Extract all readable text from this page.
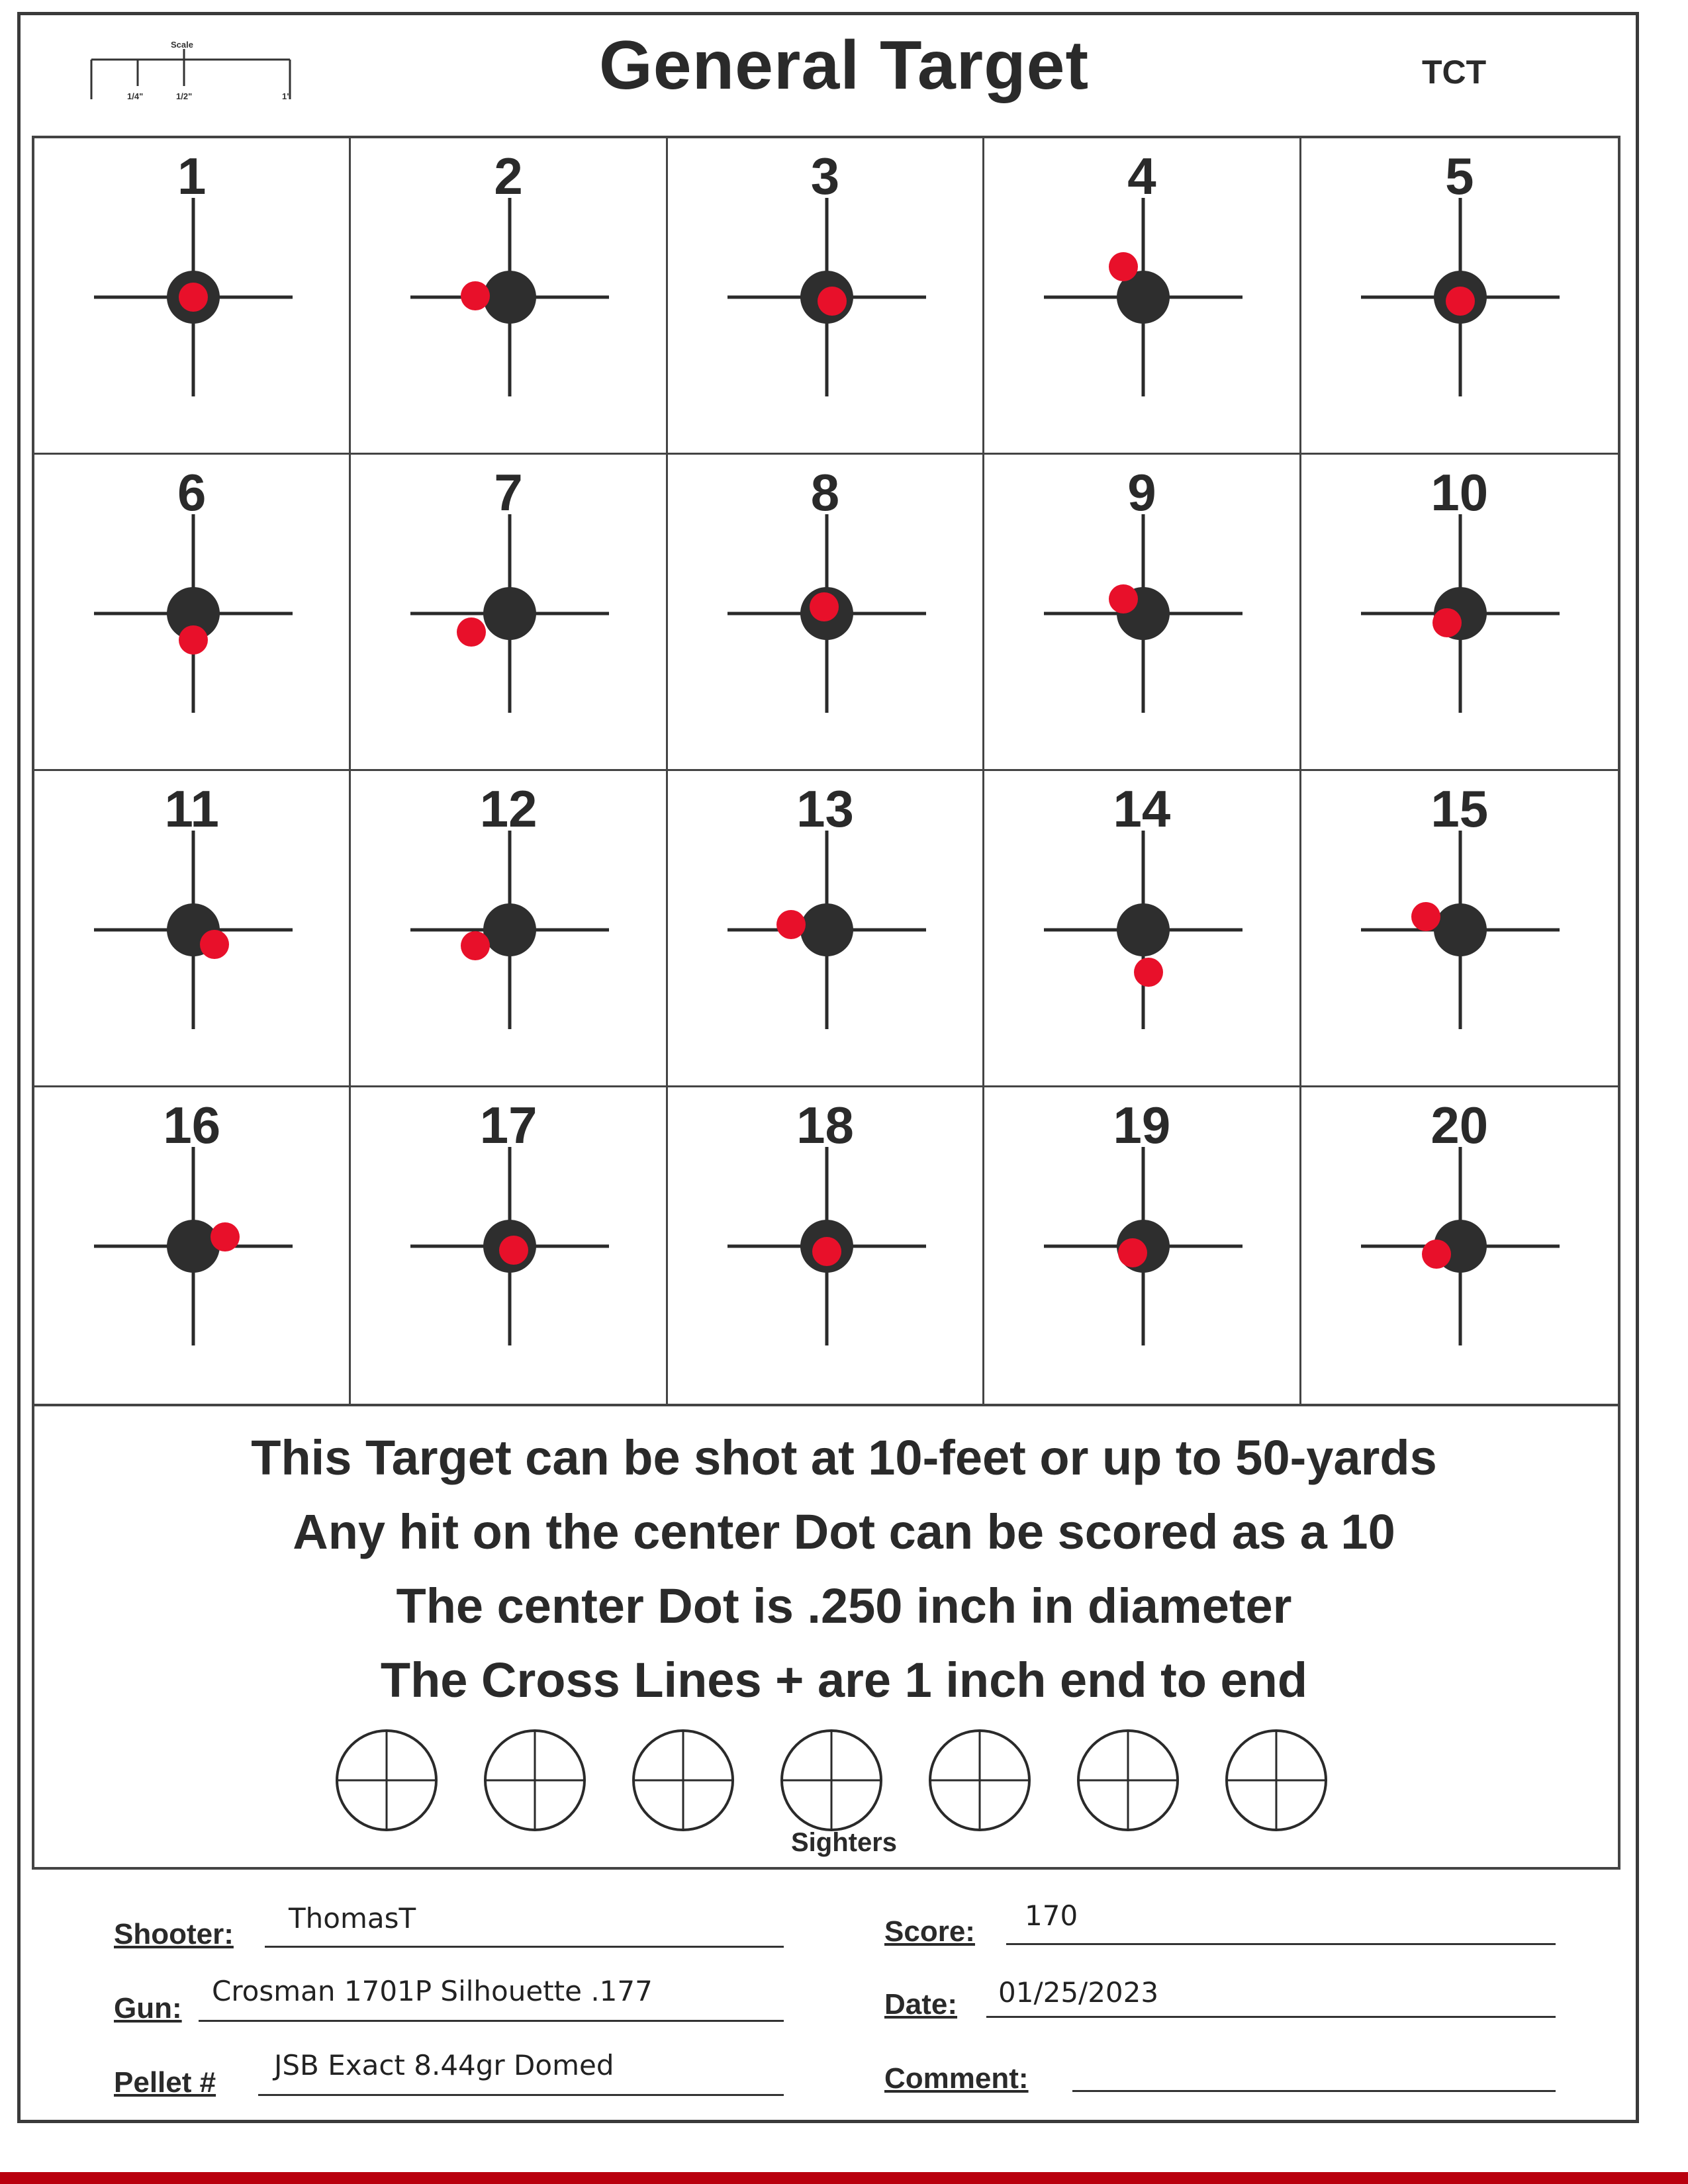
Scale
1/4"	1/2"	1"	General Target	TCT
1	2	3	4	5
6	7	8	9	10
11	12	13	14	15
16	17	18	19	20
This Target can be shot at 10-feet or up to 50-yards
Any hit on the center Dot can be scored as a 10
The center Dot is .250 inch in diameter
The Cross Lines + are 1 inch end to end
Sighters
Shooter: ThomasT
Gun:
Crosman 1701P Silhouette .177
Pellet #
JSB Exact 8.44gr Domed
Score: 170
Date: 01/25/2023
Comment:
